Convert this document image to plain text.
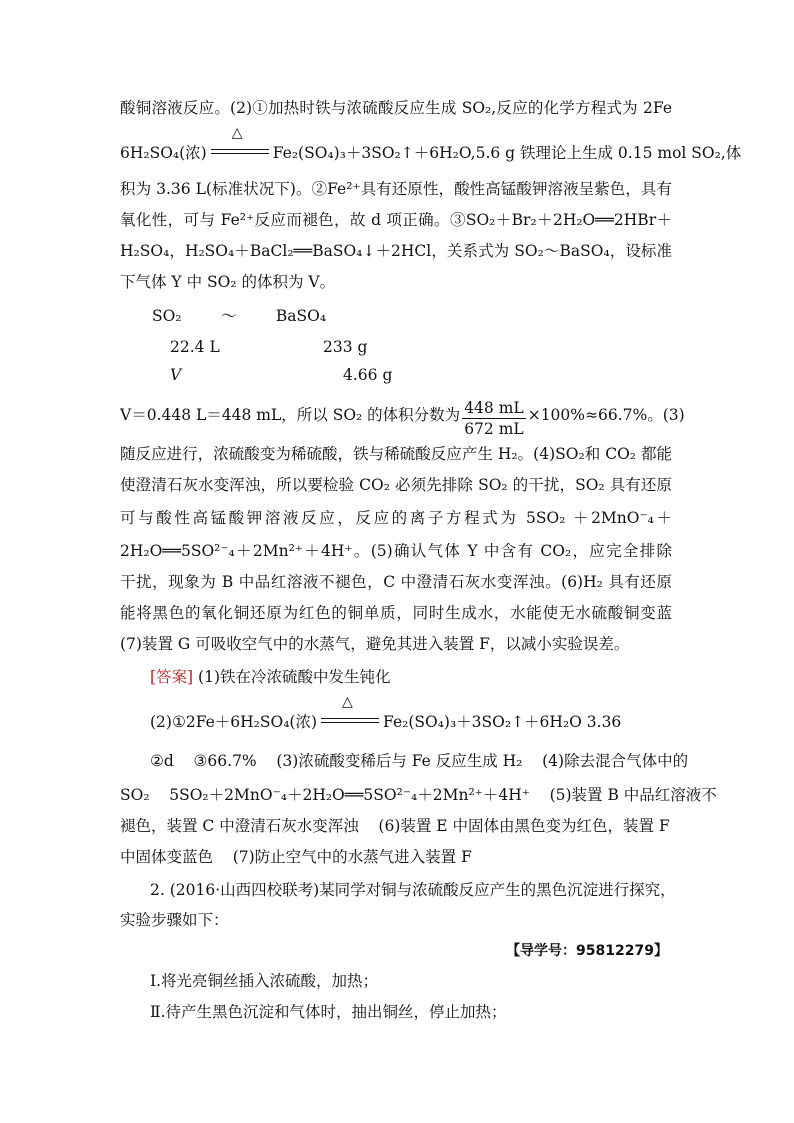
酸铜溶液反应。(2)①加热时铁与浓硫酸反应生成 SO₂,反应的化学方程式为 2Fe
6H₂SO₄(浓)
△
Fe₂(SO₄)₃＋3SO₂↑＋6H₂O,5.6 g 铁理论上生成 0.15 mol SO₂,体
积为 3.36 L(标准状况下)。②Fe²⁺具有还原性，酸性高锰酸钾溶液呈紫色，具有
氧化性，可与 Fe²⁺反应而褪色，故 d 项正确。③SO₂＋Br₂＋2H₂O══2HBr＋
H₂SO₄，H₂SO₄＋BaCl₂══BaSO₄↓＋2HCl，关系式为 SO₂～BaSO₄，设标准
下气体 Y 中 SO₂ 的体积为 V。
SO₂        ～        BaSO₄
22.4 L	233 g
V	4.66 g
V＝0.448 L＝448 mL，所以 SO₂ 的体积分数为 $\frac{448 mL}{672 mL} \times 100\%\approx 66.7\%$。(3)
随反应进行，浓硫酸变为稀硫酸，铁与稀硫酸反应产生 H₂。(4)SO₂和 CO₂ 都能
使澄清石灰水变浑浊，所以要检验 CO₂ 必须先排除 SO₂ 的干扰，SO₂ 具有还原
可与酸性高锰酸钾溶液反应，反应的离子方程式为 5SO₂ ＋2MnO⁻₄＋
2H₂O══5SO²⁻₄＋2Mn²⁺＋4H⁺。(5)确认气体 Y 中含有 CO₂，应完全排除
干扰，现象为 B 中品红溶液不褪色，C 中澄清石灰水变浑浊。(6)H₂ 具有还原
能将黑色的氧化铜还原为红色的铜单质，同时生成水，水能使无水硫酸铜变蓝
(7)装置 G 可吸收空气中的水蒸气，避免其进入装置 F，以减小实验误差。
[答案] (1)铁在冷浓硫酸中发生钝化
(2)①2Fe＋6H₂SO₄(浓)
△
Fe₂(SO₄)₃＋3SO₂↑＋6H₂O 3.36
②d    ③66.7%    (3)浓硫酸变稀后与 Fe 反应生成 H₂    (4)除去混合气体中的
SO₂    5SO₂＋2MnO⁻₄＋2H₂O══5SO²⁻₄＋2Mn²⁺＋4H⁺    (5)装置 B 中品红溶液不
褪色，装置 C 中澄清石灰水变浑浊    (6)装置 E 中固体由黑色变为红色，装置 F
中固体变蓝色    (7)防止空气中的水蒸气进入装置 F
2. (2016·山西四校联考)某同学对铜与浓硫酸反应产生的黑色沉淀进行探究，
实验步骤如下：
【导学号：95812279】
Ⅰ.将光亮铜丝插入浓硫酸，加热；
Ⅱ.待产生黑色沉淀和气体时，抽出铜丝，停止加热；
